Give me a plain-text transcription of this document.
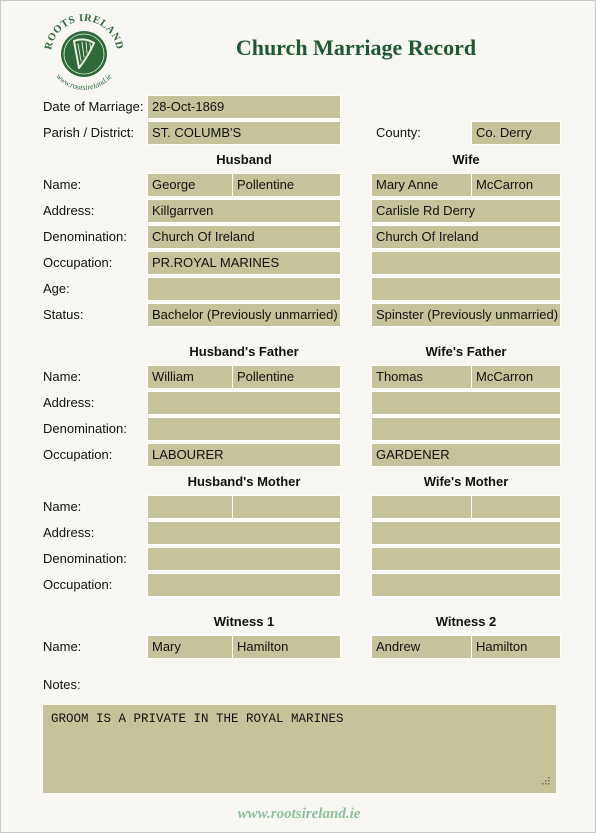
ROOTS IRELAND
www.rootsireland.ie
Church Marriage Record
Date of Marriage: 28-Oct-1869
Parish / District:	ST. COLUMB'S	County:	Co. Derry
Husband	Wife
Name:	George	Pollentine	Mary Anne	McCarron
Address:	Killgarrven	Carlisle Rd Derry
Denomination:	Church Of Ireland	Church Of Ireland
Occupation:	PR.ROYAL MARINES
Age:
Status:	Bachelor (Previously unmarried)	Spinster (Previously unmarried)
Husband's Father	Wife's Father
Name:	William	Pollentine	Thomas	McCarron
Address:
Denomination:
Occupation:	LABOURER	GARDENER
Husband's Mother	Wife's Mother
Name:
Address:
Denomination:
Occupation:
Witness 1	Witness 2
Name:	Mary	Hamilton	Andrew	Hamilton
Notes:
GROOM IS A PRIVATE IN THE ROYAL MARINES
www.rootsireland.ie
